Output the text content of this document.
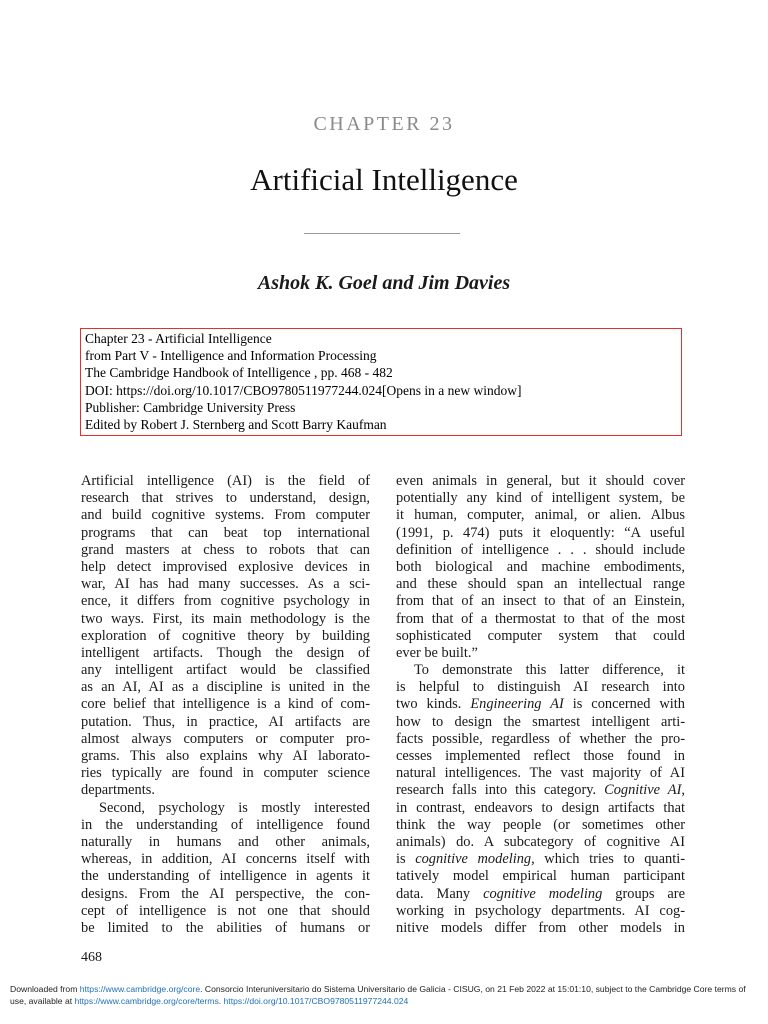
CHAPTER 23
Artificial Intelligence
Ashok K. Goel and Jim Davies
Chapter 23 - Artificial Intelligence
from Part V - Intelligence and Information Processing
The Cambridge Handbook of Intelligence , pp. 468 - 482
DOI: https://doi.org/10.1017/CBO9780511977244.024[Opens in a new window]
Publisher: Cambridge University Press
Edited by Robert J. Sternberg and Scott Barry Kaufman
Artificial intelligence (AI) is the field of
research that strives to understand, design,
and build cognitive systems. From computer
programs that can beat top international
grand masters at chess to robots that can
help detect improvised explosive devices in
war, AI has had many successes. As a sci-
ence, it differs from cognitive psychology in
two ways. First, its main methodology is the
exploration of cognitive theory by building
intelligent artifacts. Though the design of
any intelligent artifact would be classified
as an AI, AI as a discipline is united in the
core belief that intelligence is a kind of com-
putation. Thus, in practice, AI artifacts are
almost always computers or computer pro-
grams. This also explains why AI laborato-
ries typically are found in computer science
departments.
Second, psychology is mostly interested
in the understanding of intelligence found
naturally in humans and other animals,
whereas, in addition, AI concerns itself with
the understanding of intelligence in agents it
designs. From the AI perspective, the con-
cept of intelligence is not one that should
be limited to the abilities of humans or
even animals in general, but it should cover
potentially any kind of intelligent system, be
it human, computer, animal, or alien. Albus
(1991, p. 474) puts it eloquently: “A useful
definition of intelligence . . . should include
both biological and machine embodiments,
and these should span an intellectual range
from that of an insect to that of an Einstein,
from that of a thermostat to that of the most
sophisticated computer system that could
ever be built.”
To demonstrate this latter difference, it
is helpful to distinguish AI research into
two kinds. Engineering AI is concerned with
how to design the smartest intelligent arti-
facts possible, regardless of whether the pro-
cesses implemented reflect those found in
natural intelligences. The vast majority of AI
research falls into this category. Cognitive AI,
in contrast, endeavors to design artifacts that
think the way people (or sometimes other
animals) do. A subcategory of cognitive AI
is cognitive modeling, which tries to quanti-
tatively model empirical human participant
data. Many cognitive modeling groups are
working in psychology departments. AI cog-
nitive models differ from other models in
468
Downloaded from https://www.cambridge.org/core. Consorcio Interuniversitario do Sistema Universitario de Galicia - CISUG, on 21 Feb 2022 at 15:01:10, subject to the Cambridge Core terms of use, available at https://www.cambridge.org/core/terms. https://doi.org/10.1017/CBO9780511977244.024
